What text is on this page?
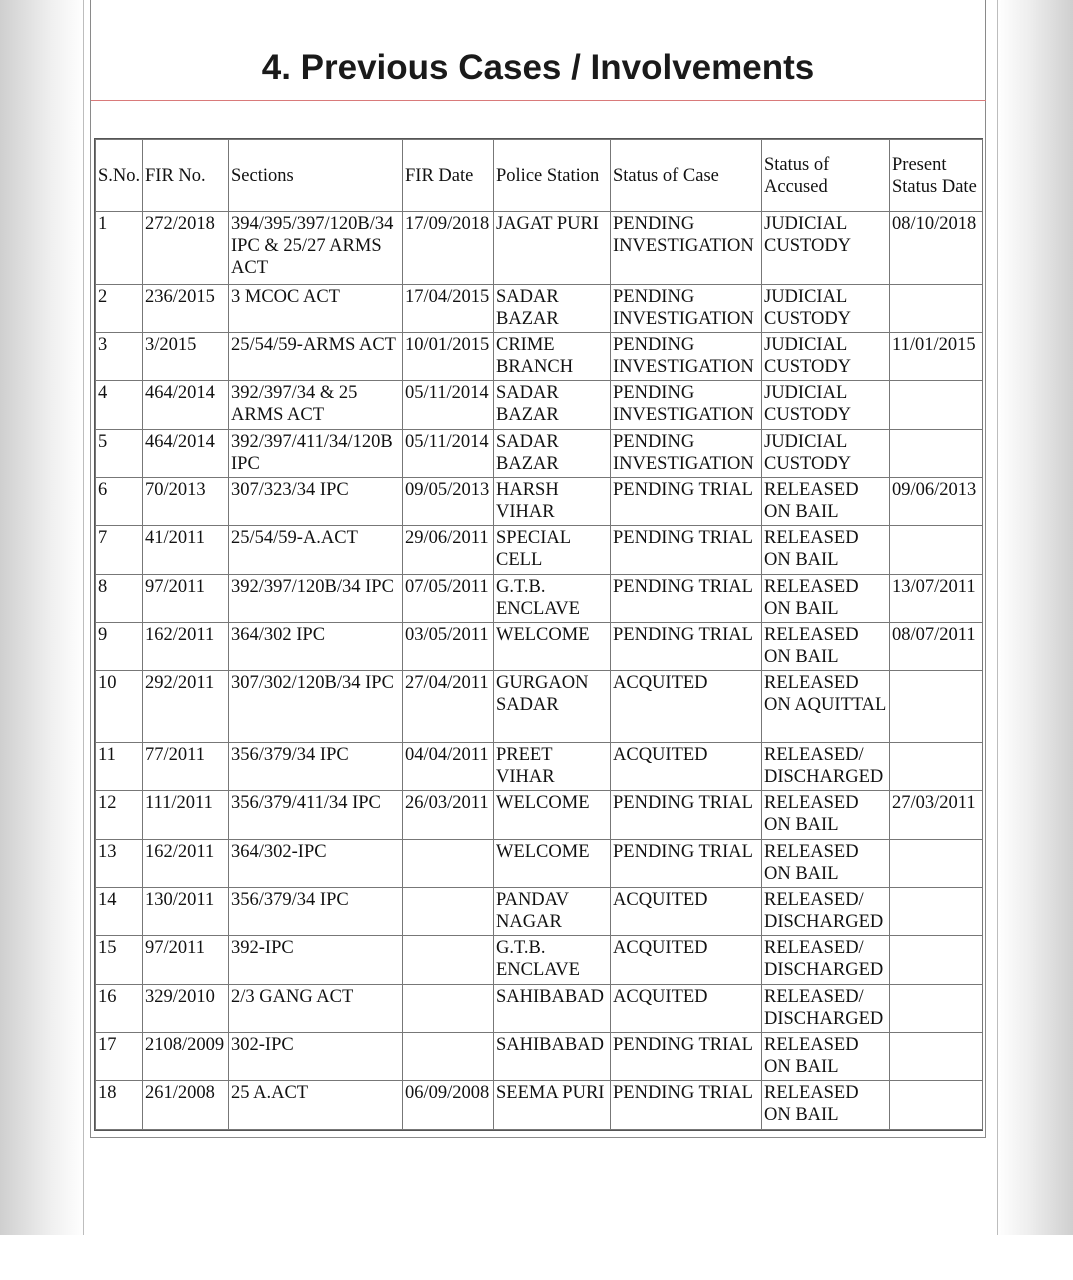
4. Previous Cases / Involvements
S.No.	FIR No.	Sections	FIR Date	Police Station	Status of Case	Status of Accused	Present Status Date
1	272/2018	394/395/397/120B/34 IPC & 25/27 ARMS ACT	17/09/2018	JAGAT PURI	PENDING INVESTIGATION	JUDICIAL CUSTODY	08/10/2018
2	236/2015	3 MCOC ACT	17/04/2015	SADAR BAZAR	PENDING INVESTIGATION	JUDICIAL CUSTODY	
3	3/2015	25/54/59-ARMS ACT	10/01/2015	CRIME BRANCH	PENDING INVESTIGATION	JUDICIAL CUSTODY	11/01/2015
4	464/2014	392/397/34 & 25 ARMS ACT	05/11/2014	SADAR BAZAR	PENDING INVESTIGATION	JUDICIAL CUSTODY	
5	464/2014	392/397/411/34/120B IPC	05/11/2014	SADAR BAZAR	PENDING INVESTIGATION	JUDICIAL CUSTODY	
6	70/2013	307/323/34 IPC	09/05/2013	HARSH VIHAR	PENDING TRIAL	RELEASED ON BAIL	09/06/2013
7	41/2011	25/54/59-A.ACT	29/06/2011	SPECIAL CELL	PENDING TRIAL	RELEASED ON BAIL	
8	97/2011	392/397/120B/34 IPC	07/05/2011	G.T.B. ENCLAVE	PENDING TRIAL	RELEASED ON BAIL	13/07/2011
9	162/2011	364/302 IPC	03/05/2011	WELCOME	PENDING TRIAL	RELEASED ON BAIL	08/07/2011
10	292/2011	307/302/120B/34 IPC	27/04/2011	GURGAON SADAR	ACQUITED	RELEASED ON AQUITTAL	
11	77/2011	356/379/34 IPC	04/04/2011	PREET VIHAR	ACQUITED	RELEASED/ DISCHARGED	
12	111/2011	356/379/411/34 IPC	26/03/2011	WELCOME	PENDING TRIAL	RELEASED ON BAIL	27/03/2011
13	162/2011	364/302-IPC		WELCOME	PENDING TRIAL	RELEASED ON BAIL	
14	130/2011	356/379/34 IPC		PANDAV NAGAR	ACQUITED	RELEASED/ DISCHARGED	
15	97/2011	392-IPC		G.T.B. ENCLAVE	ACQUITED	RELEASED/ DISCHARGED	
16	329/2010	2/3 GANG ACT		SAHIBABAD	ACQUITED	RELEASED/ DISCHARGED	
17	2108/2009	302-IPC		SAHIBABAD	PENDING TRIAL	RELEASED ON BAIL	
18	261/2008	25 A.ACT	06/09/2008	SEEMA PURI	PENDING TRIAL	RELEASED ON BAIL	
